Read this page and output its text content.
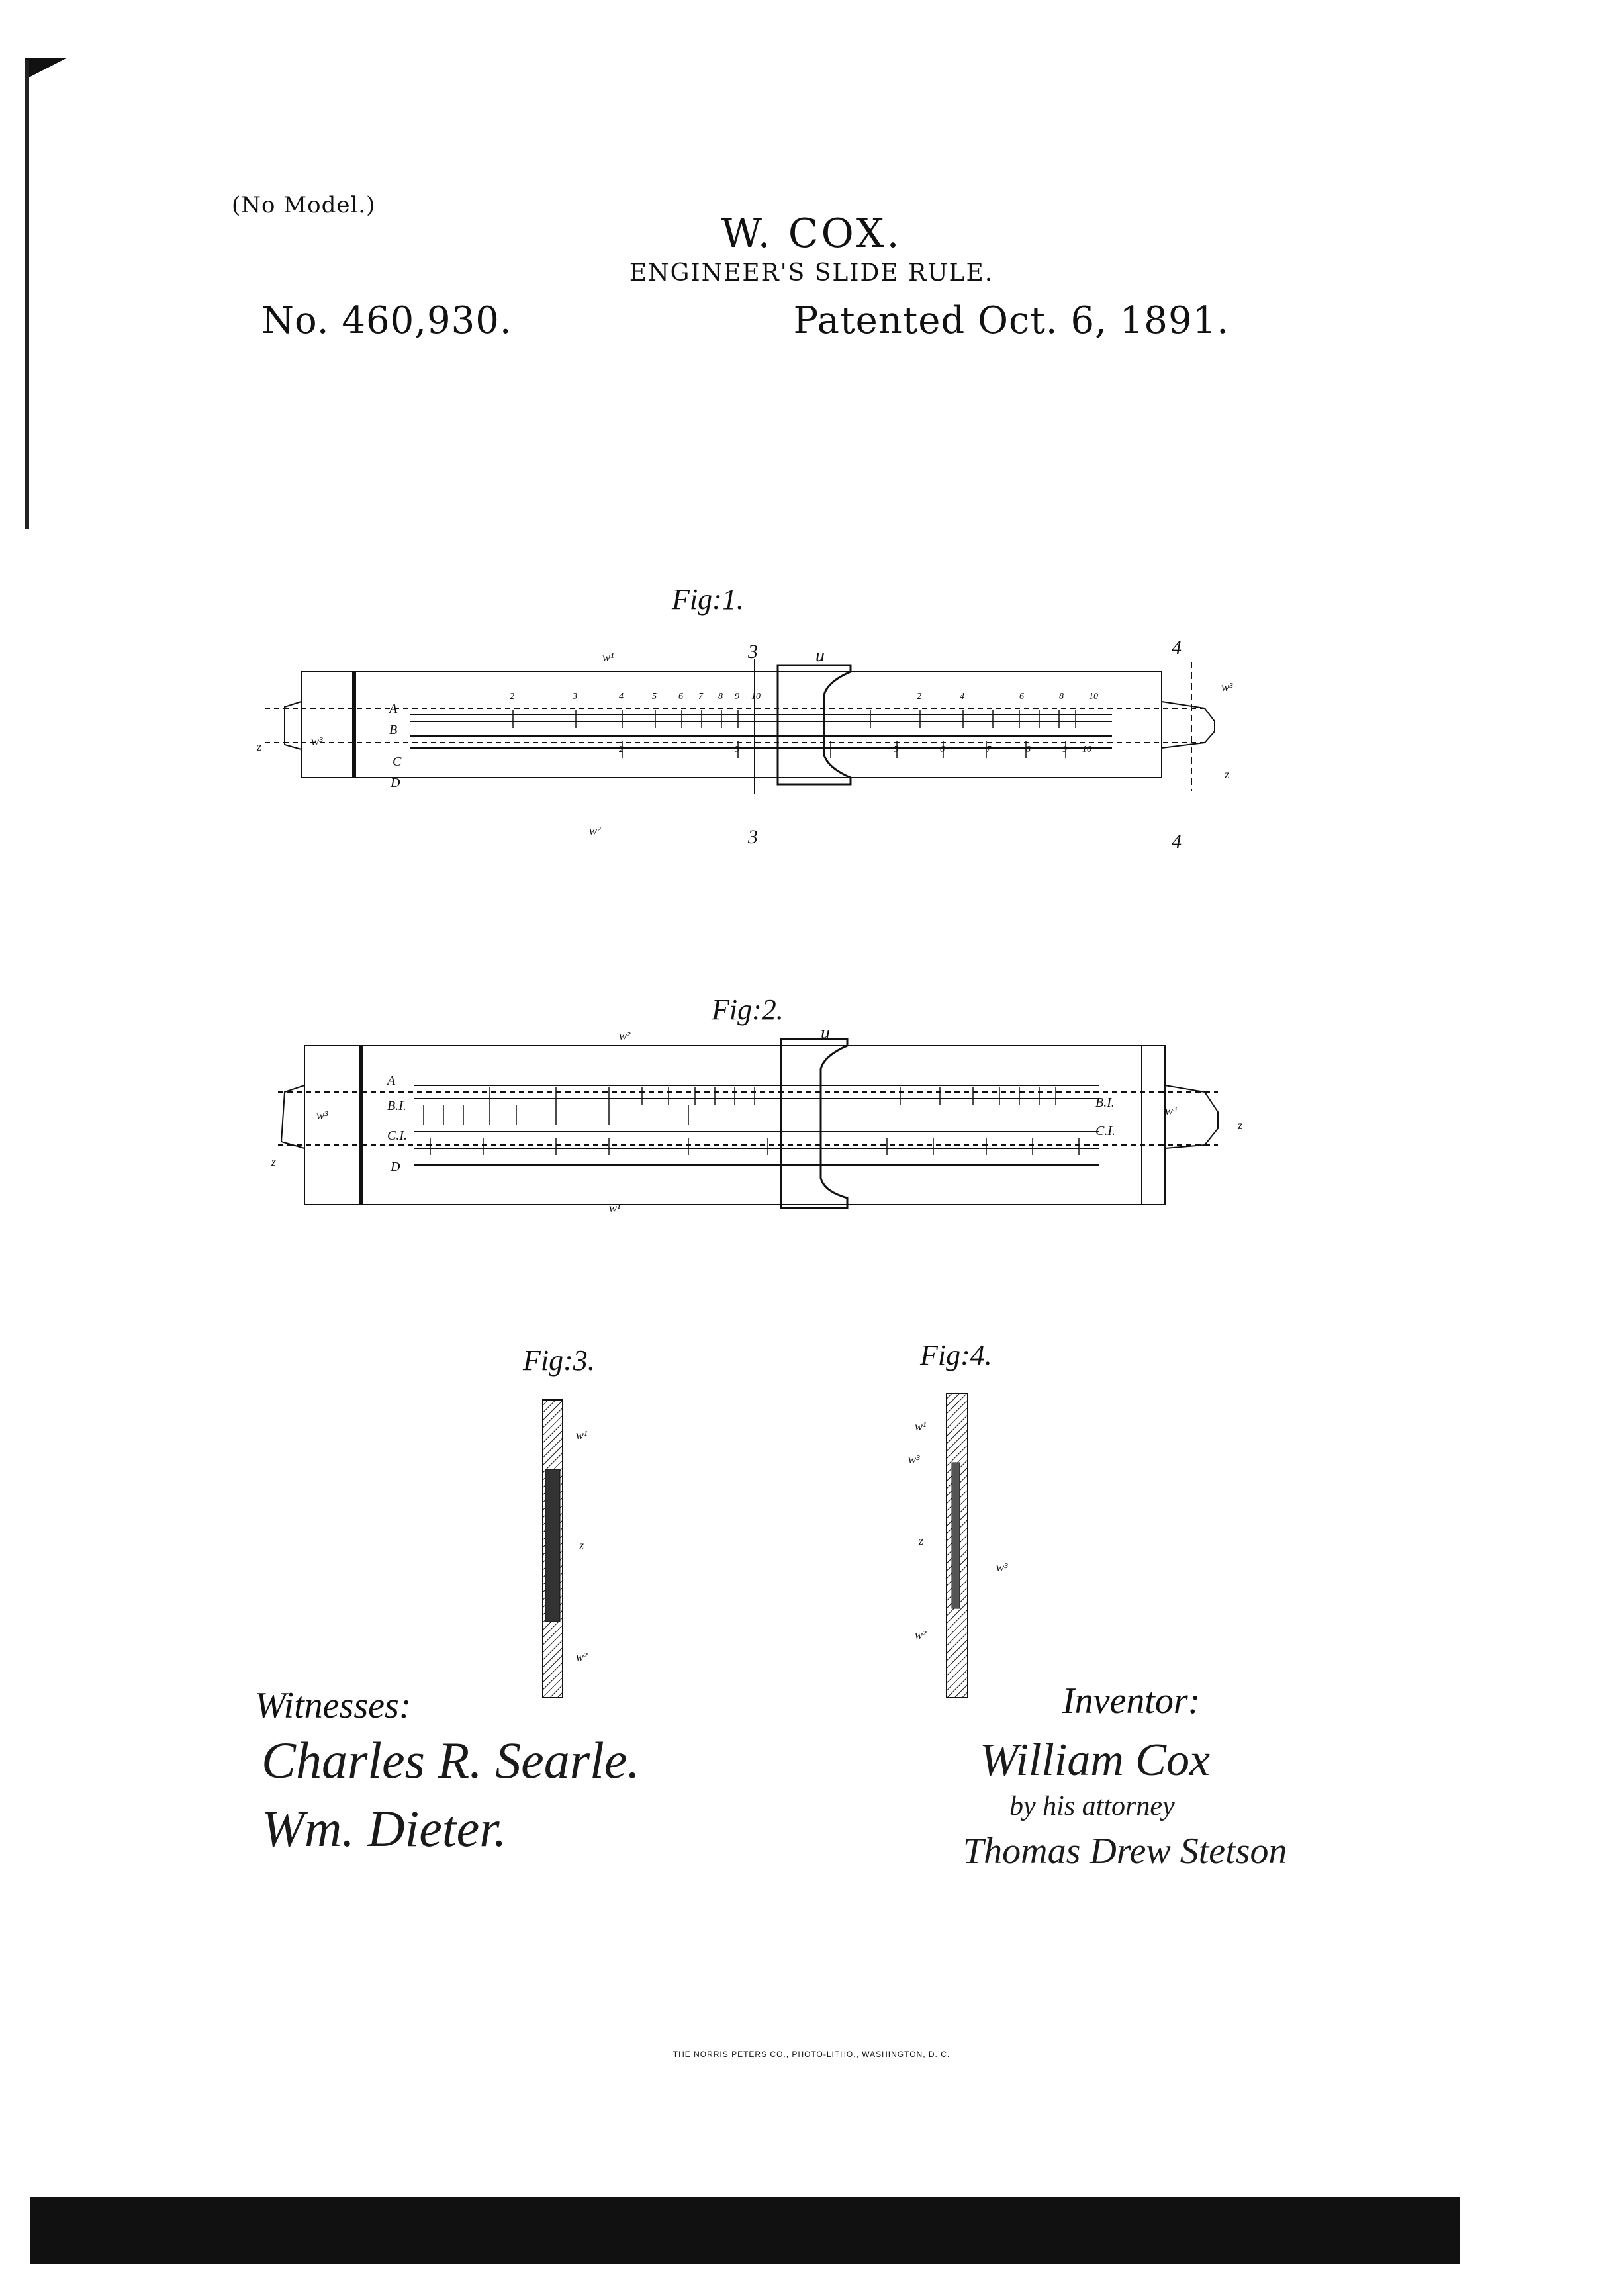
(No Model.)
W. COX.
ENGINEER'S SLIDE RULE.
No. 460,930.	Patented Oct. 6, 1891.
Fig:1.
w¹	3
3
u	4
4
w³
w³
z
z
w²
A
B
C
D
2	3	4	5 6 7 8 9 10	2	4	6	8	10
2	3	5	6	7	8	9 10
Fig:2.
w²	u
w³	w³
z
z
w¹
A
B.I.
C.I.
D
B.I.
C.I.
Fig:3.
w¹
z
w²
Fig:4.
w¹
w³
z
w³
w²
Witnesses:
Charles R. Searle.
Wm. Dieter.
Inventor:
William Cox
by his attorney
Thomas Drew Stetson
THE NORRIS PETERS CO., PHOTO-LITHO., WASHINGTON, D. C.
